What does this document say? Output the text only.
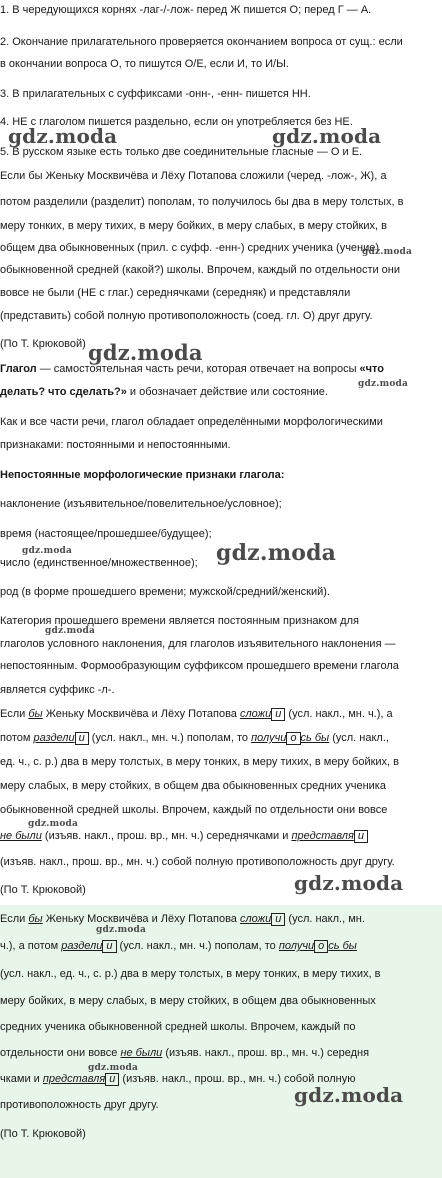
1. В чередующихся корнях -лаг-/-лож- перед Ж пишется О; перед Г — А.
2. Окончание прилагательного проверяется окончанием вопроса от сущ.: если
в окончании вопроса О, то пишутся О/Е, если И, то И/Ы.
3. В прилагательных с суффиксами -онн-, -енн- пишется НН.
4. НЕ с глаголом пишется раздельно, если он употребляется без НЕ.
5. В русском языке есть только две соединительные гласные — О и Е.
Если бы Женьку Москвичёва и Лёху Потапова сложили (черед. -лож-, Ж), а
потом разделили (разделит) пополам, то получилось бы два в меру толстых, в
меру тонких, в меру тихих, в меру бойких, в меру слабых, в меру стойких, в
общем два обыкновенных (прил. с суфф. -енн-) средних ученика (учение)
обыкновенной средней (какой?) школы. Впрочем, каждый по отдельности они
вовсе не были (НЕ с глаг.) середнячками (середняк) и представляли
(представить) собой полную противоположность (соед. гл. О) друг другу.
(По Т. Крюковой)
Глагол — самостоятельная часть речи, которая отвечает на вопросы «что
делать? что сделать?» и обозначает действие или состояние.
Как и все части речи, глагол обладает определёнными морфологическими
признаками: постоянными и непостоянными.
Непостоянные морфологические признаки глагола:
наклонение (изъявительное/повелительное/условное);
время (настоящее/прошедшее/будущее);
число (единственное/множественное);
род (в форме прошедшего времени; мужской/средний/женский).
Категория прошедшего времени является постоянным признаком для
глаголов условного наклонения, для глаголов изъявительного наклонения —
непостоянным. Формообразующим суффиксом прошедшего времени глагола
является суффикс -л-.
Если бы Женьку Москвичёва и Лёху Потапова сложи и (усл. накл., мн. ч.), а
потом раздели и (усл. накл., мн. ч.) пополам, то получи о сь бы (усл. накл.,
ед. ч., с. р.) два в меру толстых, в меру тонких, в меру тихих, в меру бойких, в
меру слабых, в меру стойких, в общем два обыкновенных средних ученика
обыкновенной средней школы. Впрочем, каждый по отдельности они вовсе
не были (изъяв. накл., прош. вр., мн. ч.) середнячками и представля и
(изъяв. накл., прош. вр., мн. ч.) собой полную противоположность друг другу.
(По Т. Крюковой)
Если бы Женьку Москвичёва и Лёху Потапова сложи и (усл. накл., мн.
ч.), а потом раздели и (усл. накл., мн. ч.) пополам, то получи о сь бы
(усл. накл., ед. ч., с. р.) два в меру толстых, в меру тонких, в меру тихих, в
меру бойких, в меру слабых, в меру стойких, в общем два обыкновенных
средних ученика обыкновенной средней школы. Впрочем, каждый по
отдельности они вовсе не были (изъяв. накл., прош. вр., мн. ч.) середня
чками и представля и (изъяв. накл., прош. вр., мн. ч.) собой полную
противоположность друг другу.
(По Т. Крюковой)
gdz.moda	gdz.moda
gdz.moda
gdz.moda
gdz.moda
gdz.moda	gdz.moda
gdz.moda
gdz.moda
gdz.moda
gdz.moda
gdz.moda
gdz.moda
